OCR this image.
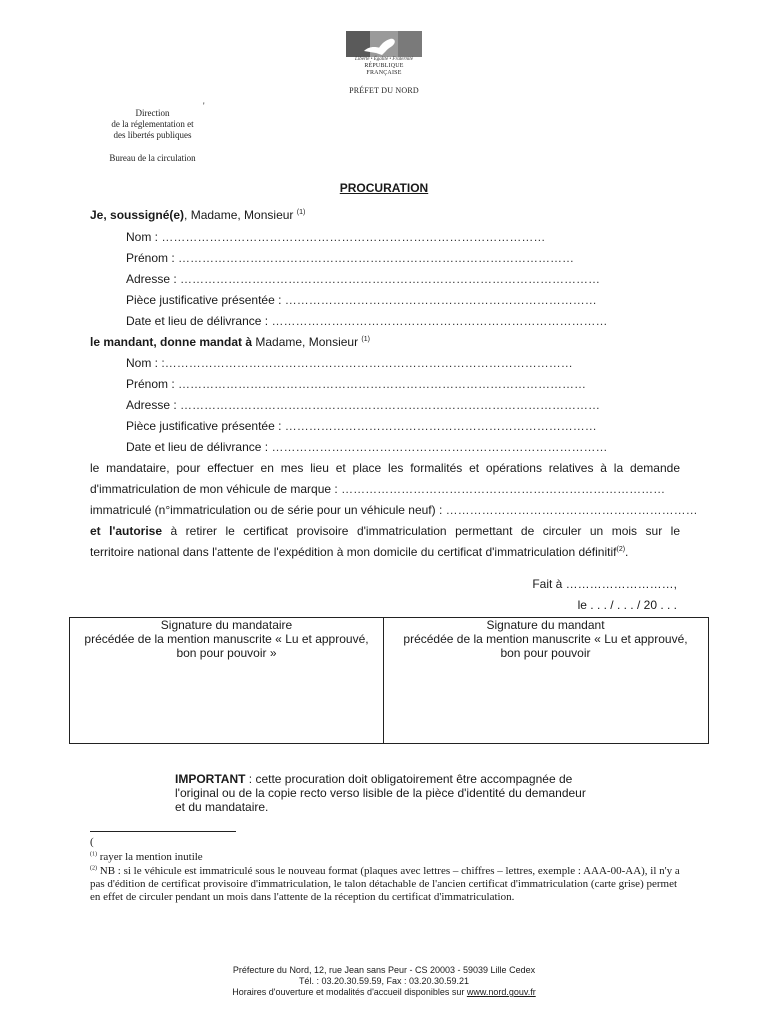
Liberté • Égalité • Fraternité
RÉPUBLIQUE FRANÇAISE
PRÉFET DU NORD
Direction
de la réglementation et
des libertés publiques
'
Bureau de la circulation
PROCURATION
Je, soussigné(e), Madame, Monsieur $^{(1)}$
Nom : ……………………………………………………………………………………
Prénom : ………………………………………………………………………………………
Adresse : ……………………………………………………………………………………………
Pièce justificative présentée : ……………………………………………………………………
Date et lieu de délivrance : …………………………………………………………………………
le mandant, donne mandat à Madame, Monsieur $^{(1)}$
Nom : :…………………………………………………………………………………………
Prénom : …………………………………………………………………………………………
Adresse : ……………………………………………………………………………………………
Pièce justificative présentée : ……………………………………………………………………
Date et lieu de délivrance : …………………………………………………………………………
le mandataire, pour effectuer en mes lieu et place les formalités et opérations relatives à la demande
d'immatriculation de mon véhicule de marque : ………………………………………………………………………
immatriculé (n°immatriculation ou de série pour un véhicule neuf) : ………………………………………………………
et l'autorise à retirer le certificat provisoire d'immatriculation permettant de circuler un mois sur le
territoire national dans l'attente de l'expédition à mon domicile du certificat d'immatriculation définitif$^{(2)}$.
Fait à ………………………,
le . . . / . . . / 20 . . .
Signature du mandataire
précédée de la mention manuscrite « Lu et approuvé,
bon pour pouvoir »
Signature du mandant
précédée de la mention manuscrite « Lu et approuvé,
bon pour pouvoir
IMPORTANT : cette procuration doit obligatoirement être accompagnée de l'original ou de la copie recto verso lisible de la pièce d'identité du demandeur et du mandataire.
(
$^{(1)}$ rayer la mention inutile
$^{(2)}$ NB : si le véhicule est immatriculé sous le nouveau format (plaques avec lettres – chiffres – lettres, exemple : AAA-00-AA), il n'y a pas d'édition de certificat provisoire d'immatriculation, le talon détachable de l'ancien certificat d'immatriculation (carte grise) permet en effet de circuler pendant un mois dans l'attente de la réception du certificat d'immatriculation.
Préfecture du Nord, 12, rue Jean sans Peur - CS 20003 - 59039 Lille Cedex
Tél. : 03.20.30.59.59, Fax : 03.20.30.59.21
Horaires d'ouverture et modalités d'accueil disponibles sur www.nord.gouv.fr
